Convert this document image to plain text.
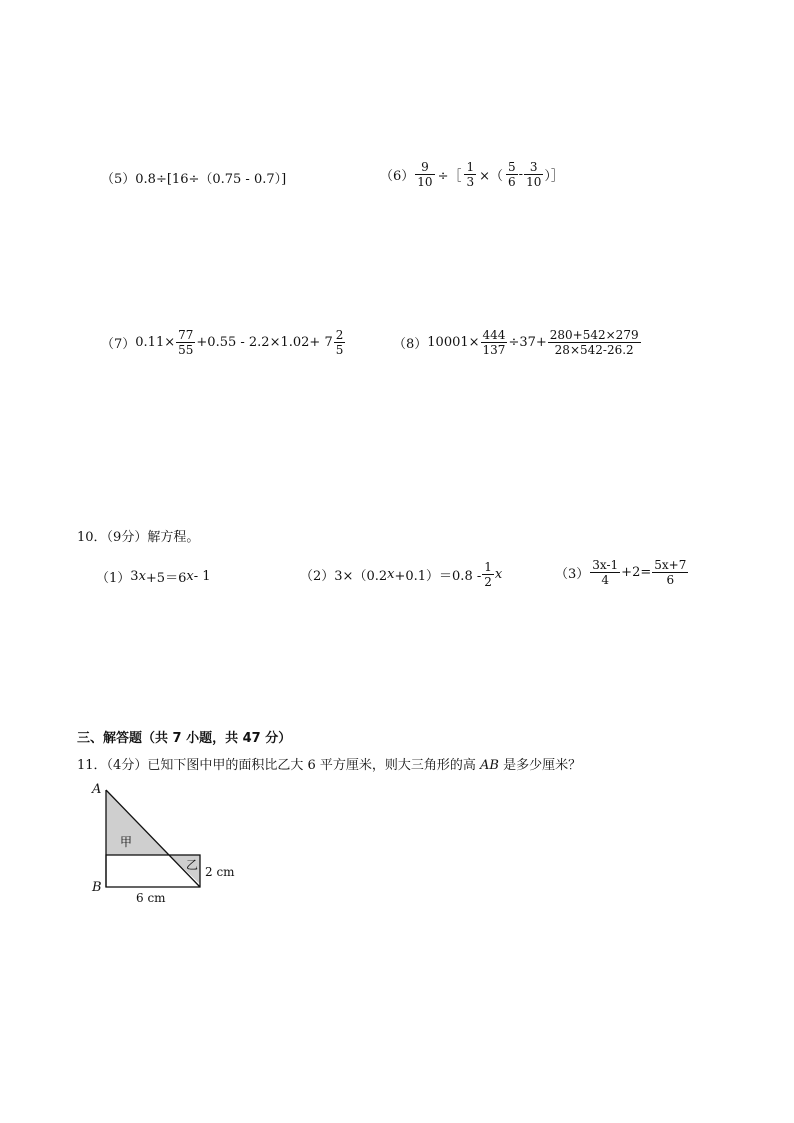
（5）0.8÷[16÷（0.75 - 0.7）]	$(6) \frac{9}{10}$ ÷［ $\frac{1}{3}$ ×（ $\frac{5}{6} - \frac{3}{10}$ ）］
（7） $0.11\times \frac{77}{55} +0.55 - 2.2\times 1.02+ 7 \frac{2}{5}$	（8） $10001\times \frac{444}{137} \div 37+ \frac{280+542\times 279}{28\times 542-26.2}$
10．（9分）解方程。
（1） 3 x +5＝6 x - 1	（2） 3×（0.2 $x +0.1)=0.8 - \frac{1}{2}$ x	$(3) \frac{3x-1}{4} +2= \frac{5x+7}{6}$
三、解答题（共 7 小题，共 47 分）
11．（4分）已知下图中甲的面积比乙大 6 平方厘米，则大三角形的高 AB 是多少厘米？
A
B
甲
乙 2 cm
6 cm
